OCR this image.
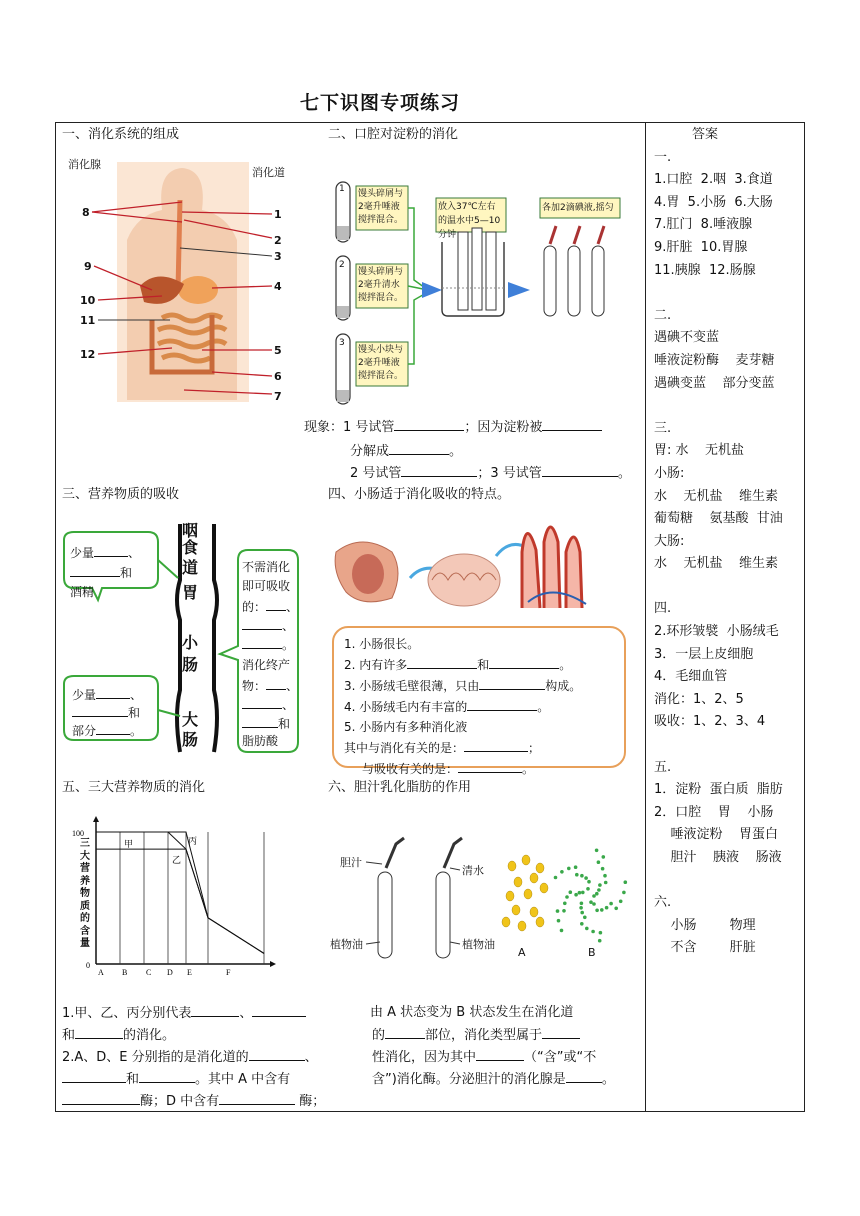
七下识图专项练习
一、消化系统的组成	二、口腔对淀粉的消化
三、营养物质的吸收	四、小肠适于消化吸收的特点。
五、三大营养物质的消化	六、胆汁乳化脂肪的作用
消化腺
消化道
8
9
10
11
12
1
2
3
4
5
6
7
1
2
3
馒头碎屑与2毫升唾液搅拌混合。
馒头碎屑与2毫升清水搅拌混合。
馒头小块与2毫升唾液搅拌混合。
放入37℃左右的温水中5—10分钟
各加2滴碘液,摇匀
现象：1 号试管	；因为淀粉被
分解成	。
2 号试管	；3 号试管	。
咽
食道
胃
小肠
大肠
少量	、
和
酒精
少量	、
和
部分	。
不需消化
即可吸收
的： 、
、
。
消化终产
物： 、
、
和
脂肪酸
1. 小肠很长。
2. 内有许多	和	。
3. 小肠绒毛壁很薄，只由	构成。
4. 小肠绒毛内有丰富的	。
5. 小肠内有多种消化液
其中与消化有关的是：	；
与吸收有关的是：	。
A B C D E	F
100
0
甲
乙
丙
三大营养物质的含量
胆汁
清水
植物油	植物油
A	B
1.甲、乙、丙分别代表	、
和	的消化。
2.A、D、E 分别指的是消化道的	、
和	。其中 A 中含有
酶；D 中含有	酶；
由 A 状态变为 B 状态发生在消化道
的	部位，消化类型属于
性消化，因为其中	（“含”或“不
含”)消化酶。分泌胆汁的消化腺是	。
答案
一.
1.口腔  2.咽  3.食道
4.胃  5.小肠  6.大肠
7.肛门  8.唾液腺
9.肝脏  10.胃腺
11.胰腺  12.肠腺
二.
遇碘不变蓝
唾液淀粉酶    麦芽糖
遇碘变蓝    部分变蓝
三.
胃: 水    无机盐
小肠:
水    无机盐    维生素
葡萄糖    氨基酸  甘油
大肠:
水    无机盐    维生素
四.
2.环形皱襞  小肠绒毛
3．一层上皮细胞
4．毛细血管
消化：1、2、5
吸收：1、2、3、4
五.
1．淀粉  蛋白质  脂肪
2．口腔    胃    小肠
唾液淀粉    胃蛋白
胆汁    胰液    肠液
六.
小肠        物理
不含        肝脏
